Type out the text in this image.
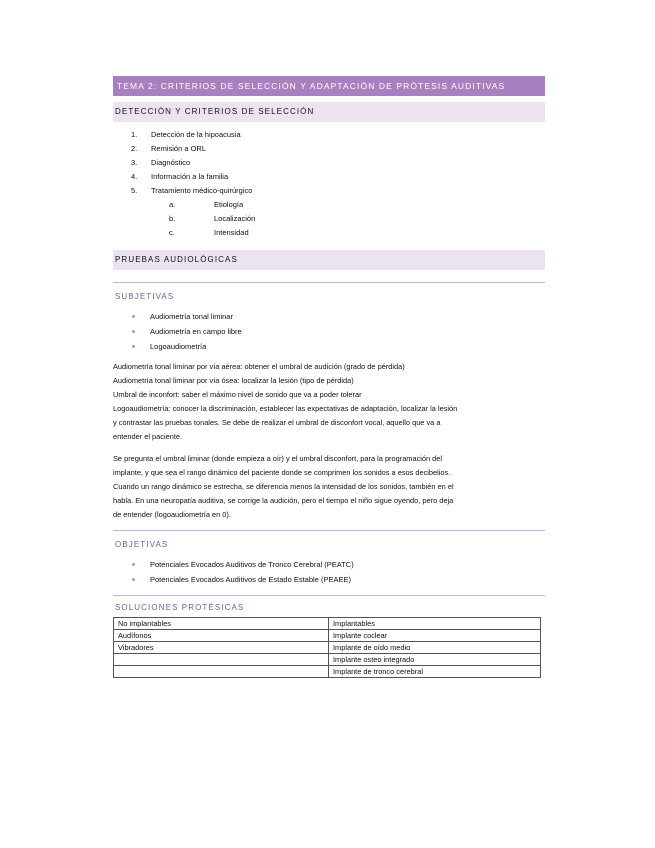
TEMA 2: CRITERIOS DE SELECCIÓN Y ADAPTACIÓN DE PRÓTESIS AUDITIVAS
DETECCIÓN Y CRITERIOS DE SELECCIÓN
1. Detección de la hipoacusia
2. Remisión a ORL
3. Diagnóstico
4. Información a la familia
5. Tratamiento médico-quirúrgico
a.	Etiología
b.	Localización
c.	Intensidad
PRUEBAS AUDIOLÓGICAS
SUBJETIVAS
Audiometría tonal liminar
Audiometría en campo libre
Logoaudiometría

Audiometría tonal liminar por vía aérea: obtener el umbral de audición (grado de pérdida)

Audiometría tonal liminar por vía ósea: localizar la lesión (tipo de pérdida)

Umbral de inconfort: saber el máximo nivel de sonido que va a poder tolerar

Logoaudiometría: conocer la discriminación, establecer las expectativas de adaptación, localizar la lesión

y contrastar las pruebas tonales. Se debe de realizar el umbral de disconfort vocal, aquello que va a

entender el paciente.

Se pregunta el umbral liminar (donde empieza a oír) y el umbral disconfort, para la programación del

implante, y que sea el rango dinámico del paciente donde se comprimen los sonidos a esos decibelios.

Cuando un rango dinámico se estrecha, se diferencia menos la intensidad de los sonidos, también en el

habla. En una neuropatía auditiva, se corrige la audición, pero el tiempo el niño sigue oyendo, pero deja

de entender (logoaudiometría en 0).

OBJETIVAS
Potenciales Evocados Auditivos de Tronco Cerebral (PEATC)
Potenciales Evocados Auditivos de Estado Estable (PEAEE)
SOLUCIONES PROTÉSICAS
No implantables	Implantables
Audífonos	Implante coclear
Vibradores	Implante de oído medio
	Implante osteo integrado
	Implante de tronco cerebral
